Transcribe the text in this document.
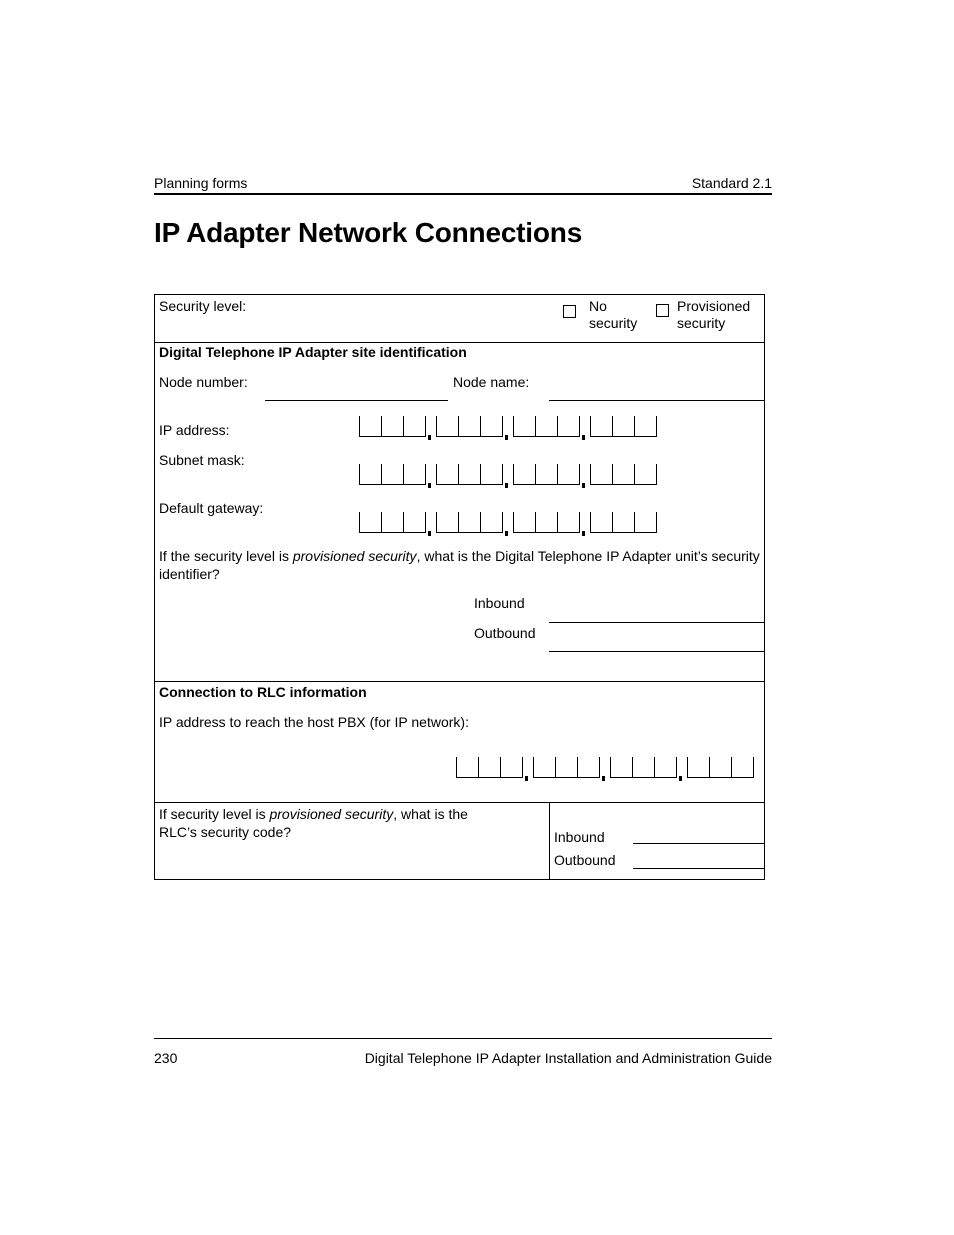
Planning forms	Standard 2.1
IP Adapter Network Connections
Security level:	No
security
Provisioned
security
Digital Telephone IP Adapter site identification
Node number:	Node name:
IP address:
Subnet mask:
Default gateway:
If the security level is provisioned security, what is the Digital Telephone IP Adapter unit’s security identifier?
Inbound
Outbound
Connection to RLC information
IP address to reach the host PBX (for IP network):
If security level is provisioned security, what is the RLC’s security code?	Inbound
Outbound
230	Digital Telephone IP Adapter Installation and Administration Guide
